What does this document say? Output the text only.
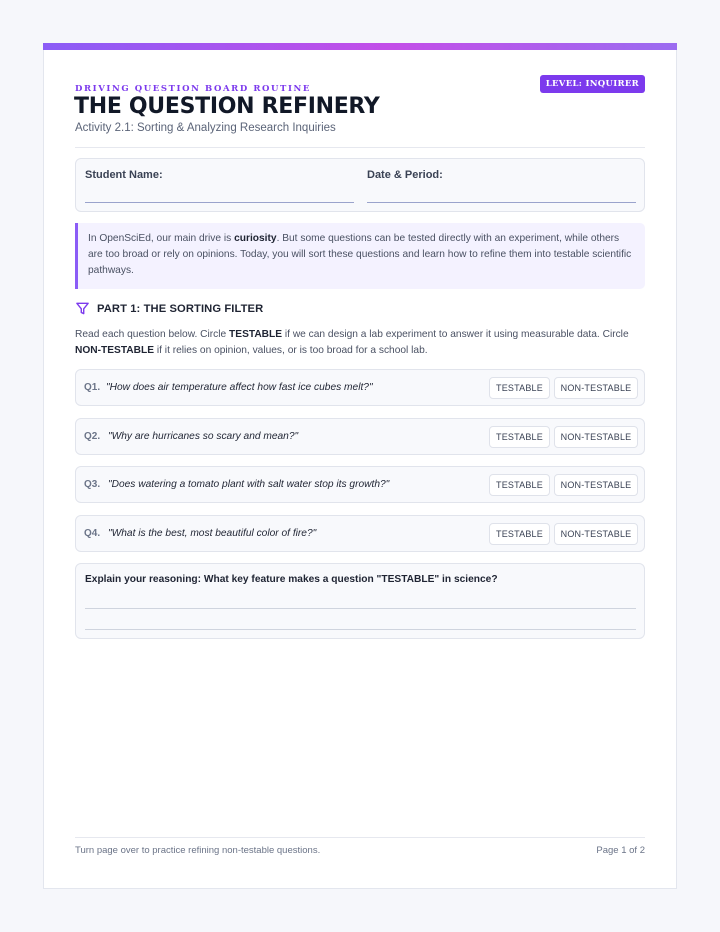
DRIVING QUESTION BOARD ROUTINE	LEVEL: INQUIRER
THE QUESTION REFINERY
Activity 2.1: Sorting & Analyzing Research Inquiries
Student Name:	Date & Period:
In OpenSciEd, our main drive is curiosity. But some questions can be tested directly with an experiment, while others are too broad or rely on opinions. Today, you will sort these questions and learn how to refine them into testable scientific pathways.
PART 1: THE SORTING FILTER
Read each question below. Circle TESTABLE if we can design a lab experiment to answer it using measurable data. Circle NON-TESTABLE if it relies on opinion, values, or is too broad for a school lab.
Q1. "How does air temperature affect how fast ice cubes melt?"	TESTABLE	NON-TESTABLE
Q2. "Why are hurricanes so scary and mean?"	TESTABLE	NON-TESTABLE
Q3. "Does watering a tomato plant with salt water stop its growth?"	TESTABLE	NON-TESTABLE
Q4. "What is the best, most beautiful color of fire?"	TESTABLE	NON-TESTABLE
Explain your reasoning: What key feature makes a question "TESTABLE" in science?
Turn page over to practice refining non-testable questions.	Page 1 of 2
